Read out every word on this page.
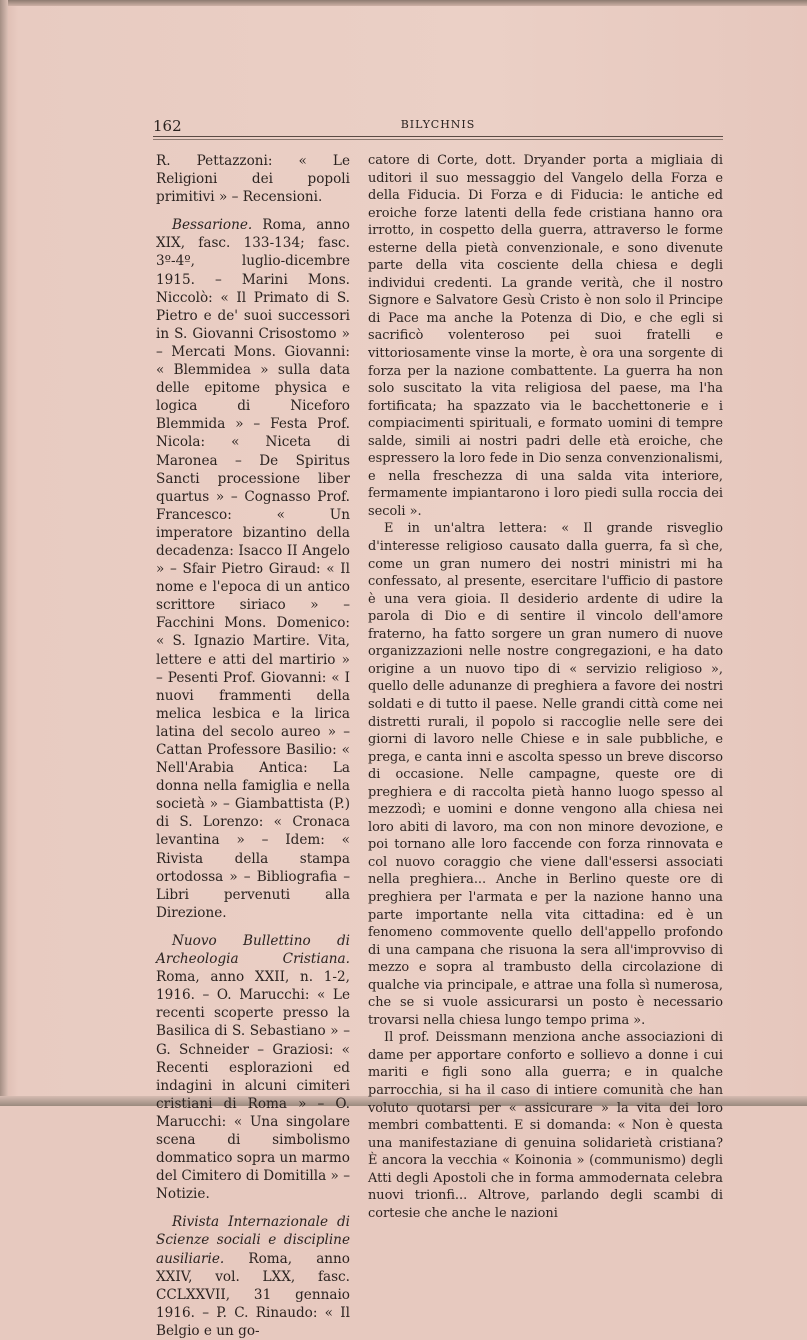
162	BILYCHNIS

R. Pettazzoni: « Le Religioni dei popoli primitivi » – Recensioni.

Bessarione. Roma, anno XIX, fasc. 133-134; fasc. 3º-4º, luglio-dicembre 1915. – Marini Mons. Niccolò: « Il Primato di S. Pietro e de' suoi successori in S. Giovanni Crisostomo » – Mercati Mons. Giovanni: « Blemmidea » sulla data delle epitome physica e logica di Niceforo Blemmida » – Festa Prof. Nicola: « Niceta di Maronea – De Spiritus Sancti processione liber quartus » – Cognasso Prof. Francesco: « Un imperatore bizantino della decadenza: Isacco II Angelo » – Sfair Pietro Giraud: « Il nome e l'epoca di un antico scrittore siriaco » – Facchini Mons. Domenico: « S. Ignazio Martire. Vita, lettere e atti del martirio » – Pesenti Prof. Giovanni: « I nuovi frammenti della melica lesbica e la lirica latina del secolo aureo » – Cattan Professore Basilio: « Nell'Arabia Antica: La donna nella famiglia e nella società » – Giambattista (P.) di S. Lorenzo: « Cronaca levantina » – Idem: « Rivista della stampa ortodossa » – Bibliografia – Libri pervenuti alla Direzione.

Nuovo Bullettino di Archeologia Cristiana. Roma, anno XXII, n. 1-2, 1916. – O. Marucchi: « Le recenti scoperte presso la Basilica di S. Sebastiano » – G. Schneider – Graziosi: « Recenti esplorazioni ed indagini in alcuni cimiteri cristiani di Roma » – O. Marucchi: « Una singolare scena di simbolismo dommatico sopra un marmo del Cimitero di Domitilla » – Notizie.

Rivista Internazionale di Scienze sociali e discipline ausiliarie. Roma, anno XXIV, vol. LXX, fasc. CCLXXVII, 31 gennaio 1916. – P. C. Rinaudo: « Il Belgio e un go-

catore di Corte, dott. Dryander porta a migliaia di uditori il suo messaggio del Vangelo della Forza e della Fiducia. Di Forza e di Fiducia: le antiche ed eroiche forze latenti della fede cristiana hanno ora irrotto, in cospetto della guerra, attraverso le forme esterne della pietà convenzionale, e sono divenute parte della vita cosciente della chiesa e degli individui credenti. La grande verità, che il nostro Signore e Salvatore Gesù Cristo è non solo il Principe di Pace ma anche la Potenza di Dio, e che egli si sacrificò volenteroso pei suoi fratelli e vittoriosamente vinse la morte, è ora una sorgente di forza per la nazione combattente. La guerra ha non solo suscitato la vita religiosa del paese, ma l'ha fortificata; ha spazzato via le bacchettonerie e i compiacimenti spirituali, e formato uomini di tempre salde, simili ai nostri padri delle età eroiche, che espressero la loro fede in Dio senza convenzionalismi, e nella freschezza di una salda vita interiore, fermamente impiantarono i loro piedi sulla roccia dei secoli ».

E in un'altra lettera: « Il grande risveglio d'interesse religioso causato dalla guerra, fa sì che, come un gran numero dei nostri ministri mi ha confessato, al presente, esercitare l'ufficio di pastore è una vera gioia. Il desiderio ardente di udire la parola di Dio e di sentire il vincolo dell'amore fraterno, ha fatto sorgere un gran numero di nuove organizzazioni nelle nostre congregazioni, e ha dato origine a un nuovo tipo di « servizio religioso », quello delle adunanze di preghiera a favore dei nostri soldati e di tutto il paese. Nelle grandi città come nei distretti rurali, il popolo si raccoglie nelle sere dei giorni di lavoro nelle Chiese e in sale pubbliche, e prega, e canta inni e ascolta spesso un breve discorso di occasione. Nelle campagne, queste ore di preghiera e di raccolta pietà hanno luogo spesso al mezzodì; e uomini e donne vengono alla chiesa nei loro abiti di lavoro, ma con non minore devozione, e poi tornano alle loro faccende con forza rinnovata e col nuovo coraggio che viene dall'essersi associati nella preghiera... Anche in Berlino queste ore di preghiera per l'armata e per la nazione hanno una parte importante nella vita cittadina: ed è un fenomeno commovente quello dell'appello profondo di una campana che risuona la sera all'improvviso di mezzo e sopra al trambusto della circolazione di qualche via principale, e attrae una folla sì numerosa, che se si vuole assicurarsi un posto è necessario trovarsi nella chiesa lungo tempo prima ».

Il prof. Deissmann menziona anche associazioni di dame per apportare conforto e sollievo a donne i cui mariti e figli sono alla guerra; e in qualche parrocchia, si ha il caso di intiere comunità che han voluto quotarsi per « assicurare » la vita dei loro membri combattenti. E si domanda: « Non è questa una manifestaziane di genuina solidarietà cristiana? È ancora la vecchia « Koinonia » (communismo) degli Atti degli Apostoli che in forma ammodernata celebra nuovi trionfi... Altrove, parlando degli scambi di cortesie che anche le nazioni
